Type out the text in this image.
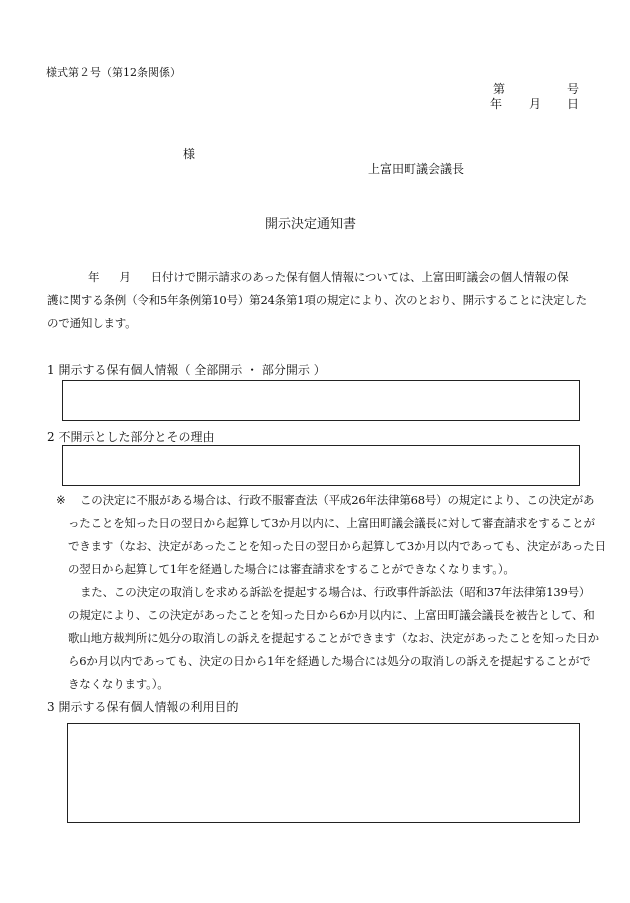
様式第２号（第12条関係）
第	号
年 月 日
様
上富田町議会議長
開示決定通知書
年 月 日付けで開示請求のあった保有個人情報については、上富田町議会の個人情報の保
護に関する条例（令和5年条例第10号）第24条第1項の規定により、次のとおり、開示することに決定した
ので通知します。
1 開示する保有個人情報（ 全部開示 ・ 部分開示 ）
2 不開示とした部分とその理由
※	この決定に不服がある場合は、行政不服審査法（平成26年法律第68号）の規定により、この決定があ
ったことを知った日の翌日から起算して3か月以内に、上富田町議会議長に対して審査請求をすることが
できます（なお、決定があったことを知った日の翌日から起算して3か月以内であっても、決定があった日
の翌日から起算して1年を経過した場合には審査請求をすることができなくなります。）。
また、この決定の取消しを求める訴訟を提起する場合は、行政事件訴訟法（昭和37年法律第139号）
の規定により、この決定があったことを知った日から6か月以内に、上富田町議会議長を被告として、和
歌山地方裁判所に処分の取消しの訴えを提起することができます（なお、決定があったことを知った日か
ら6か月以内であっても、決定の日から1年を経過した場合には処分の取消しの訴えを提起することがで
きなくなります。）。
3 開示する保有個人情報の利用目的
